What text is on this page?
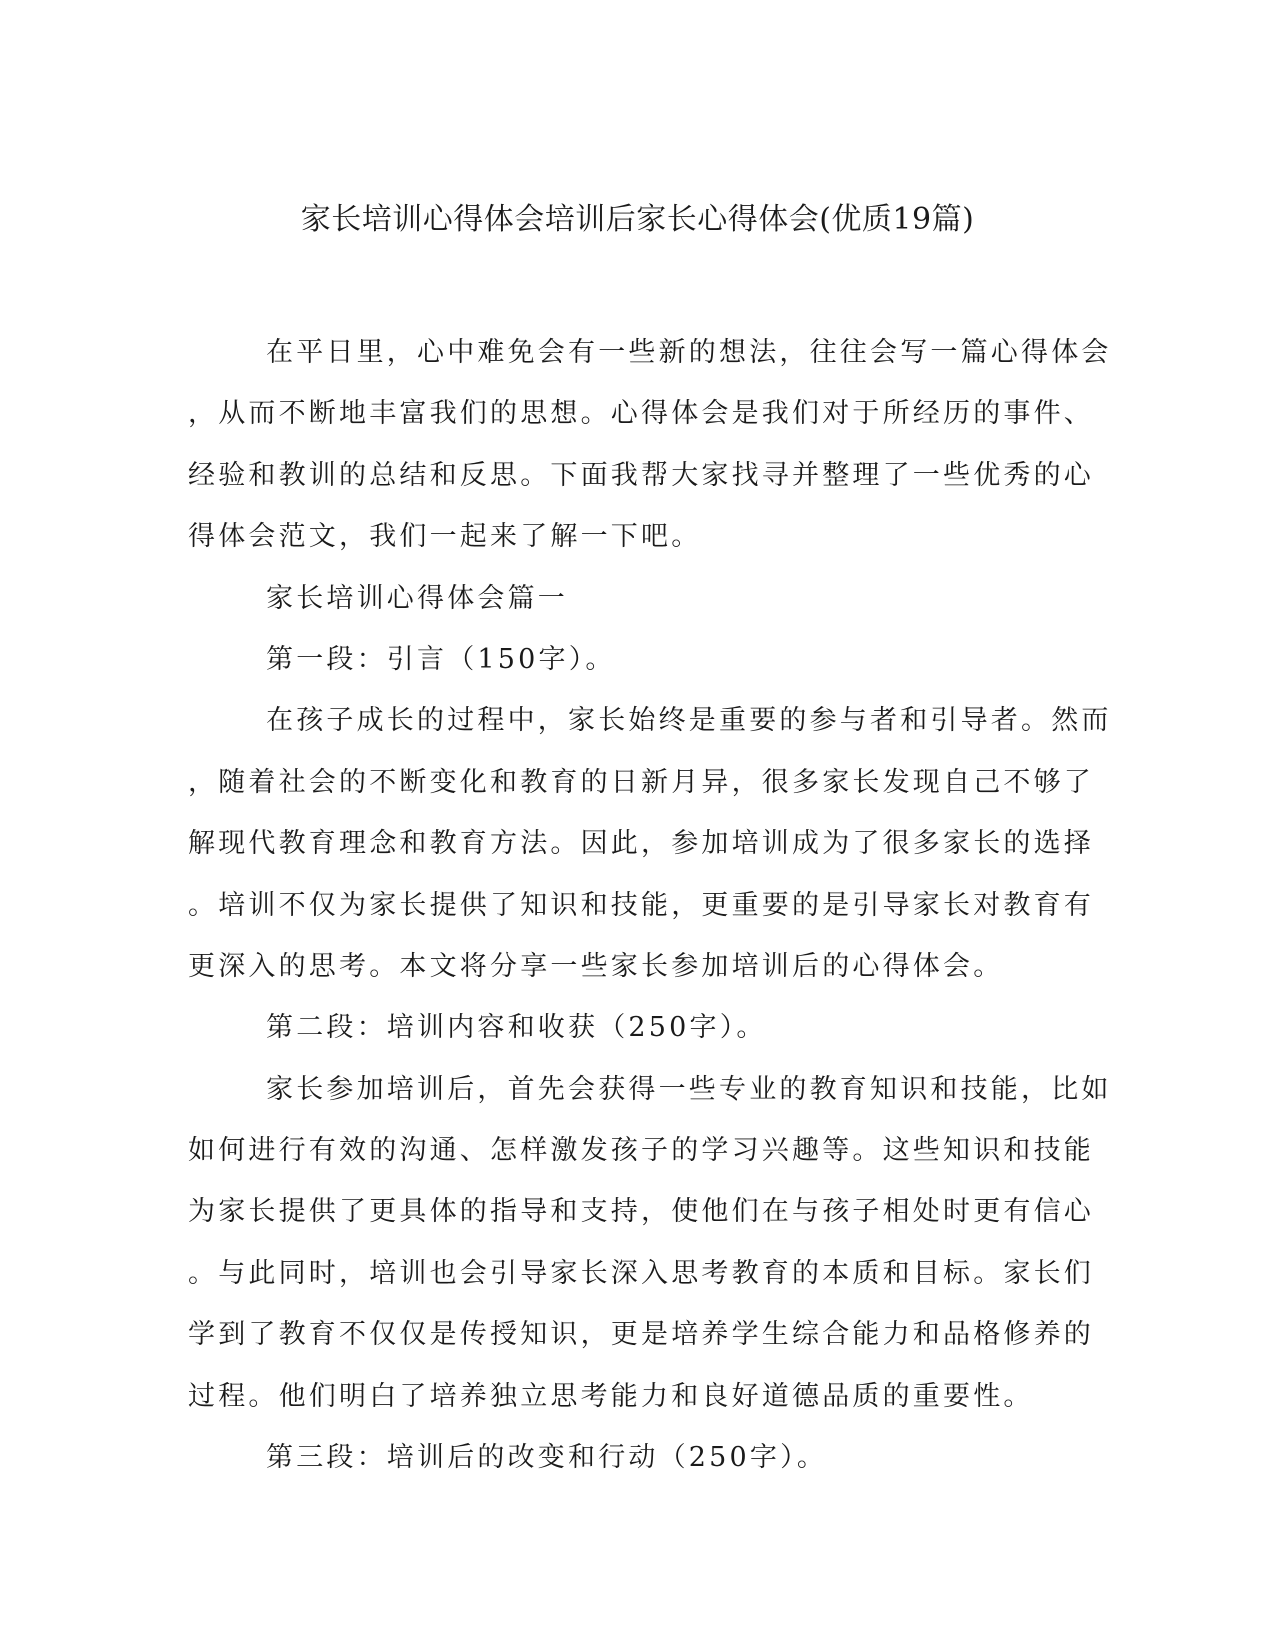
家长培训心得体会培训后家长心得体会(优质19篇)
在平日里，心中难免会有一些新的想法，往往会写一篇心得体会
，从而不断地丰富我们的思想。心得体会是我们对于所经历的事件、
经验和教训的总结和反思。下面我帮大家找寻并整理了一些优秀的心
得体会范文，我们一起来了解一下吧。
家长培训心得体会篇一
第一段：引言（150字）。
在孩子成长的过程中，家长始终是重要的参与者和引导者。然而
，随着社会的不断变化和教育的日新月异，很多家长发现自己不够了
解现代教育理念和教育方法。因此，参加培训成为了很多家长的选择
。培训不仅为家长提供了知识和技能，更重要的是引导家长对教育有
更深入的思考。本文将分享一些家长参加培训后的心得体会。
第二段：培训内容和收获（250字）。
家长参加培训后，首先会获得一些专业的教育知识和技能，比如
如何进行有效的沟通、怎样激发孩子的学习兴趣等。这些知识和技能
为家长提供了更具体的指导和支持，使他们在与孩子相处时更有信心
。与此同时，培训也会引导家长深入思考教育的本质和目标。家长们
学到了教育不仅仅是传授知识，更是培养学生综合能力和品格修养的
过程。他们明白了培养独立思考能力和良好道德品质的重要性。
第三段：培训后的改变和行动（250字）。
